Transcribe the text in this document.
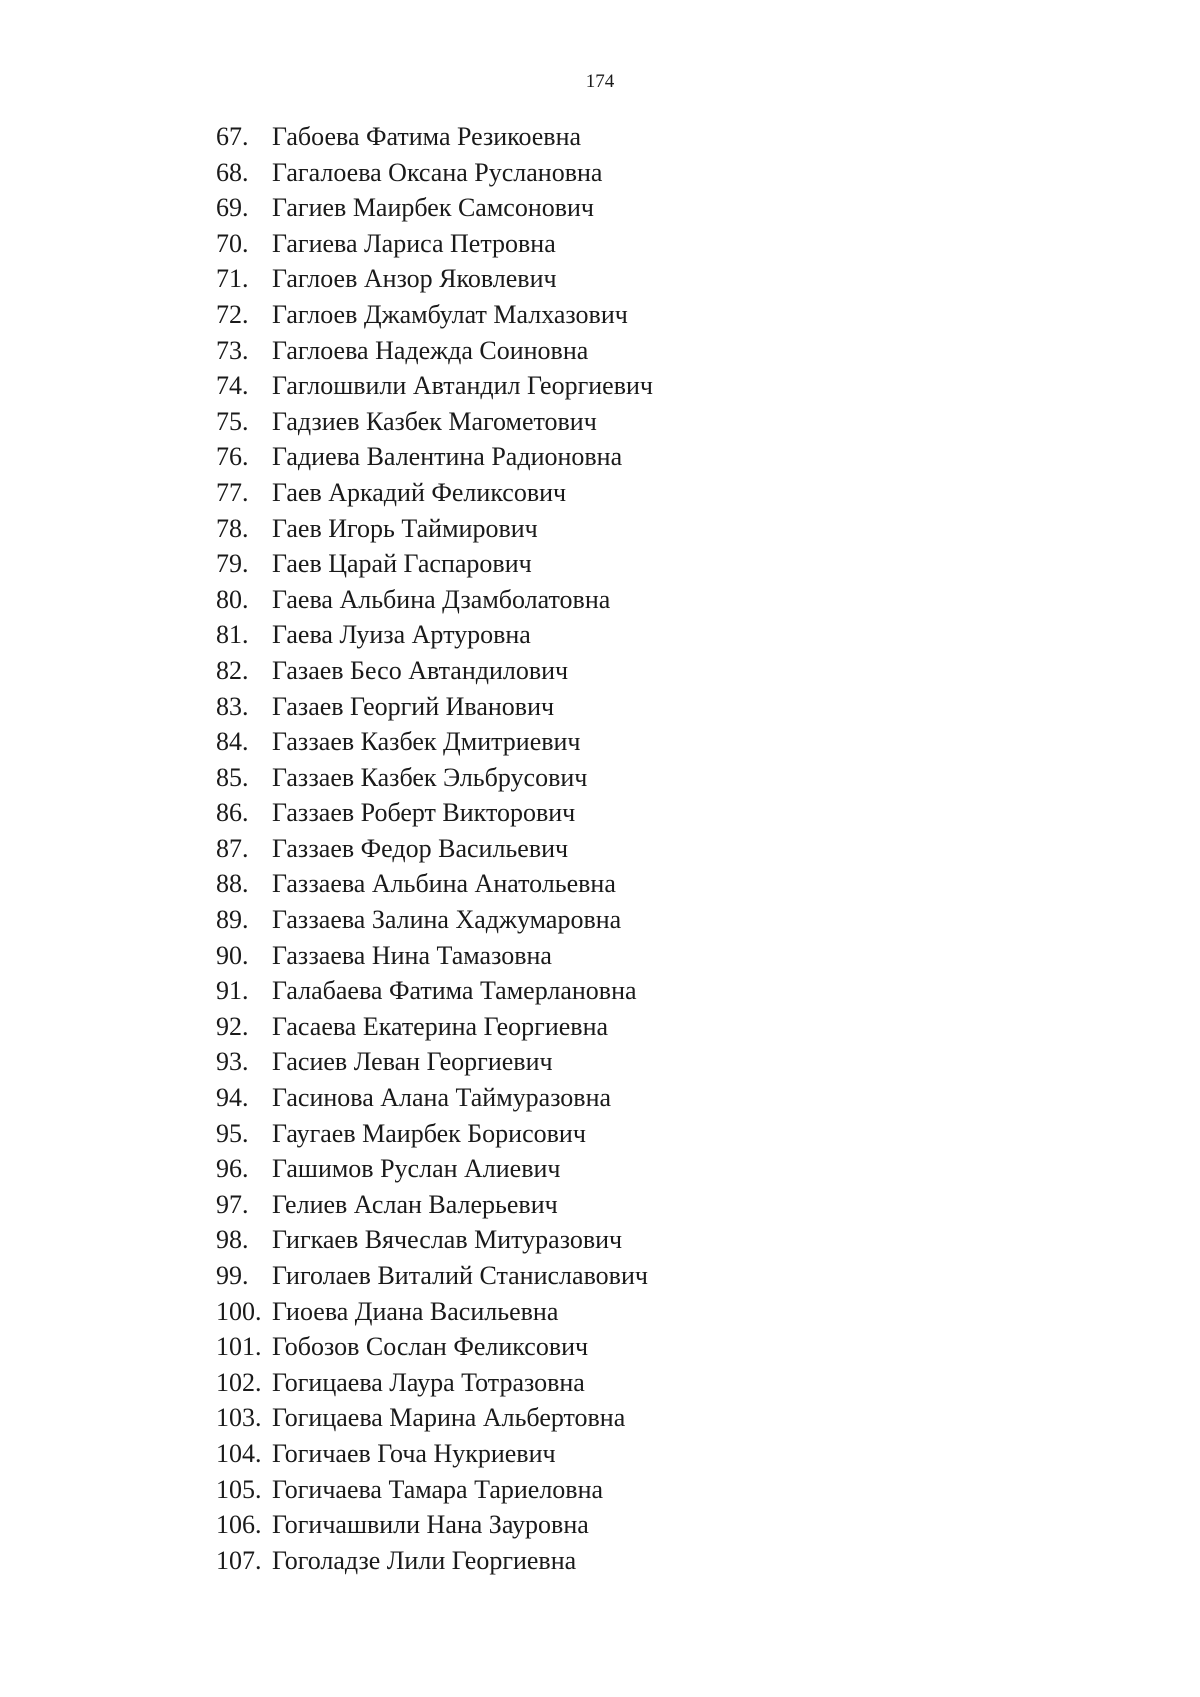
174
67. Габоева Фатима Резикоевна
68. Гагалоева Оксана Руслановна
69. Гагиев Маирбек Самсонович
70. Гагиева Лариса Петровна
71. Гаглоев Анзор Яковлевич
72. Гаглоев Джамбулат Малхазович
73. Гаглоева Надежда Соиновна
74. Гаглошвили Автандил Георгиевич
75. Гадзиев Казбек Магометович
76. Гадиева Валентина Радионовна
77. Гаев Аркадий Феликсович
78. Гаев Игорь Таймирович
79. Гаев Царай Гаспарович
80. Гаева Альбина Дзамболатовна
81. Гаева Луиза Артуровна
82. Газаев Бесо Автандилович
83. Газаев Георгий Иванович
84. Газзаев Казбек Дмитриевич
85. Газзаев Казбек Эльбрусович
86. Газзаев Роберт Викторович
87. Газзаев Федор Васильевич
88. Газзаева Альбина Анатольевна
89. Газзаева Залина Хаджумаровна
90. Газзаева Нина Тамазовна
91. Галабаева Фатима Тамерлановна
92. Гасаева Екатерина Георгиевна
93. Гасиев Леван Георгиевич
94. Гасинова Алана Таймуразовна
95. Гаугаев Маирбек Борисович
96. Гашимов Руслан Алиевич
97. Гелиев Аслан Валерьевич
98. Гигкаев Вячеслав Митуразович
99. Гиголаев Виталий Станиславович
100. Гиоева Диана Васильевна
101. Гобозов Сослан Феликсович
102. Гогицаева Лаура Тотразовна
103. Гогицаева Марина Альбертовна
104. Гогичаев Гоча Нукриевич
105. Гогичаева Тамара Тариеловна
106. Гогичашвили Нана Зауровна
107. Гоголадзе Лили Георгиевна
